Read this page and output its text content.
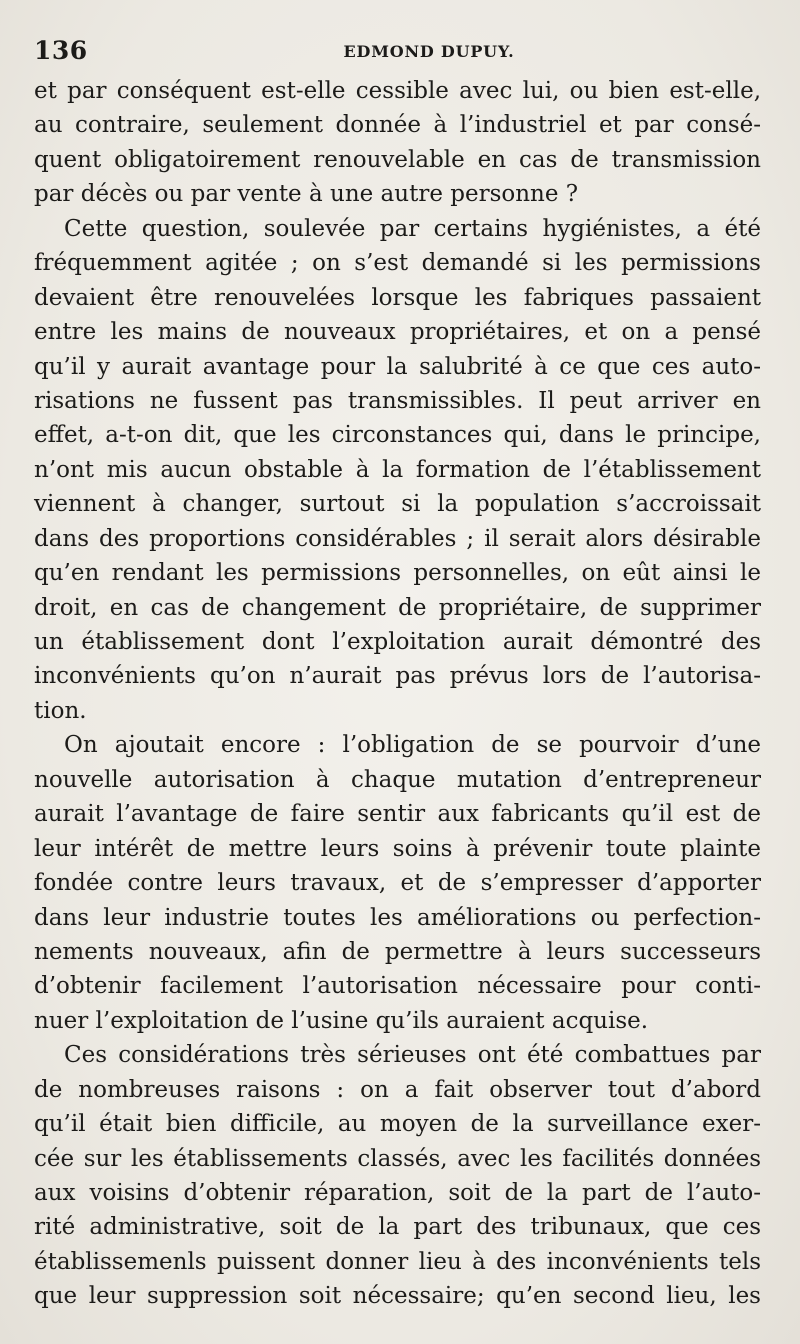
136	EDMOND DUPUY.
et par conséquent est-elle cessible avec lui, ou bien est-elle,
au contraire, seulement donnée à l’industriel et par consé-
quent obligatoirement renouvelable en cas de transmission
par décès ou par vente à une autre personne ?
Cette question, soulevée par certains hygiénistes, a été
fréquemment agitée ; on s’est demandé si les permissions
devaient être renouvelées lorsque les fabriques passaient
entre les mains de nouveaux propriétaires, et on a pensé
qu’il y aurait avantage pour la salubrité à ce que ces auto-
risations ne fussent pas transmissibles. Il peut arriver en
effet, a-t-on dit, que les circonstances qui, dans le principe,
n’ont mis aucun obstable à la formation de l’établissement
viennent à changer, surtout si la population s’accroissait
dans des proportions considérables ; il serait alors désirable
qu’en rendant les permissions personnelles, on eût ainsi le
droit, en cas de changement de propriétaire, de supprimer
un établissement dont l’exploitation aurait démontré des
inconvénients qu’on n’aurait pas prévus lors de l’autorisa-
tion.
On ajoutait encore : l’obligation de se pourvoir d’une
nouvelle autorisation à chaque mutation d’entrepreneur
aurait l’avantage de faire sentir aux fabricants qu’il est de
leur intérêt de mettre leurs soins à prévenir toute plainte
fondée contre leurs travaux, et de s’empresser d’apporter
dans leur industrie toutes les améliorations ou perfection-
nements nouveaux, afin de permettre à leurs successeurs
d’obtenir facilement l’autorisation nécessaire pour conti-
nuer l’exploitation de l’usine qu’ils auraient acquise.
Ces considérations très sérieuses ont été combattues par
de nombreuses raisons : on a fait observer tout d’abord
qu’il était bien difficile, au moyen de la surveillance exer-
cée sur les établissements classés, avec les facilités données
aux voisins d’obtenir réparation, soit de la part de l’auto-
rité administrative, soit de la part des tribunaux, que ces
établissemenls puissent donner lieu à des inconvénients tels
que leur suppression soit nécessaire; qu’en second lieu, les
